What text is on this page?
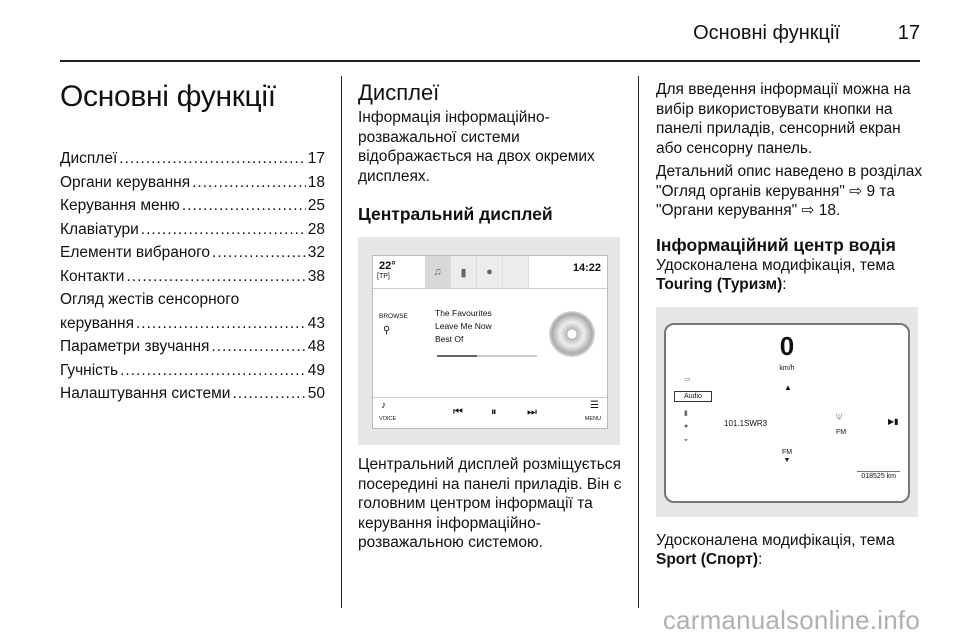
Основні функції	17
Основні функції
Дисплеї .....	17
Органи керування .....	18
Керування меню .....	25
Клавіатури .....	28
Елементи вибраного .....	32
Контакти .....	38
Огляд жестів сенсорного
керування .....	43
Параметри звучання .....	48
Гучність .....	49
Налаштування системи .....	50
Дисплеї

Інформація інформаційно-розважальної системи відображається на двох окремих дисплеях.

Центральний дисплей
22°
[TP]	♫	▮	●	14:22
BROWSE
⚲
The Favourites
Leave Me Now
Best Of
♪
VOICE
⏮	⏸	⏭
☰
MENU

Центральний дисплей розміщується посередині на панелі приладів. Він є головним центром інформації та керування інформаційно-розважальною системою.

Для введення інформації можна на вибір використовувати кнопки на панелі приладів, сенсорний екран або сенсорну панель.

Детальний опис наведено в розділах "Огляд органів керування" ⇨ 9 та "Органи керування" ⇨ 18.

Інформаційний центр водія

Удосконалена модифікація, тема Touring (Туризм):

0
km/h
▲
Audio
▭
▮
●
⌖
101.1SWR3
⍦
FM
▶▮
FM
▼
018525 km

Удосконалена модифікація, тема Sport (Спорт):

carmanualsonline.info
